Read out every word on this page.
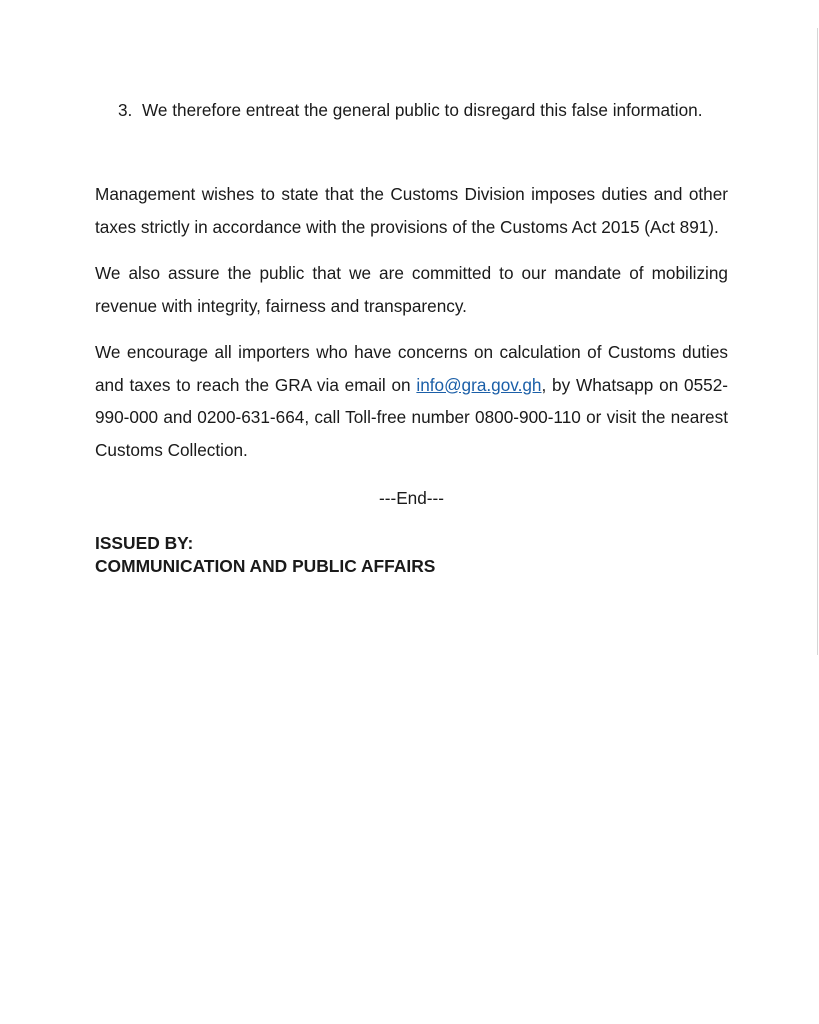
3. We therefore entreat the general public to disregard this false information.

Management wishes to state that the Customs Division imposes duties and other taxes strictly in accordance with the provisions of the Customs Act 2015 (Act 891).

We also assure the public that we are committed to our mandate of mobilizing revenue with integrity, fairness and transparency.

We encourage all importers who have concerns on calculation of Customs duties and taxes to reach the GRA via email on info@gra.gov.gh, by Whatsapp on 0552-990-000 and 0200-631-664, call Toll-free number 0800-900-110 or visit the nearest Customs Collection.

---End---
ISSUED BY:
COMMUNICATION AND PUBLIC AFFAIRS
